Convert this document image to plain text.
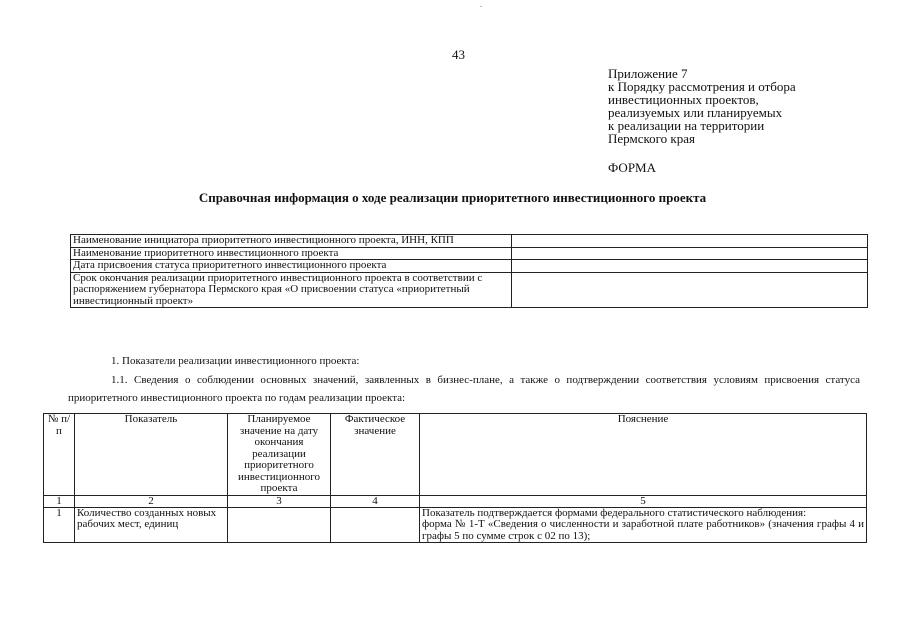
43
Приложение 7
к Порядку рассмотрения и отбора
инвестиционных проектов,
реализуемых или планируемых
к реализации на территории
Пермского края
ФОРМА
Справочная информация о ходе реализации приоритетного инвестиционного проекта
Наименование инициатора приоритетного инвестиционного проекта, ИНН, КПП	
Наименование приоритетного инвестиционного проекта	
Дата присвоения статуса приоритетного инвестиционного проекта	
Срок окончания реализации приоритетного инвестиционного проекта в соответствии с распоряжением губернатора Пермского края «О присвоении статуса «приоритетный инвестиционный проект»	
1. Показатели реализации инвестиционного проекта:
1.1. Сведения о соблюдении основных значений, заявленных в бизнес-плане, а также о подтверждении соответствия условиям присвоения статуса приоритетного инвестиционного проекта по годам реализации проекта:
№ п/п	Показатель	Планируемое значение на дату окончания реализации приоритетного инвестиционного проекта	Фактическое значение	Пояснение
1	2	3	4	5
1	Количество созданных новых рабочих мест, единиц			Показатель подтверждается формами федерального статистического наблюдения:
форма № 1-Т «Сведения о численности и заработной плате работников» (значения графы 4 и графы 5 по сумме строк с 02 по 13);
